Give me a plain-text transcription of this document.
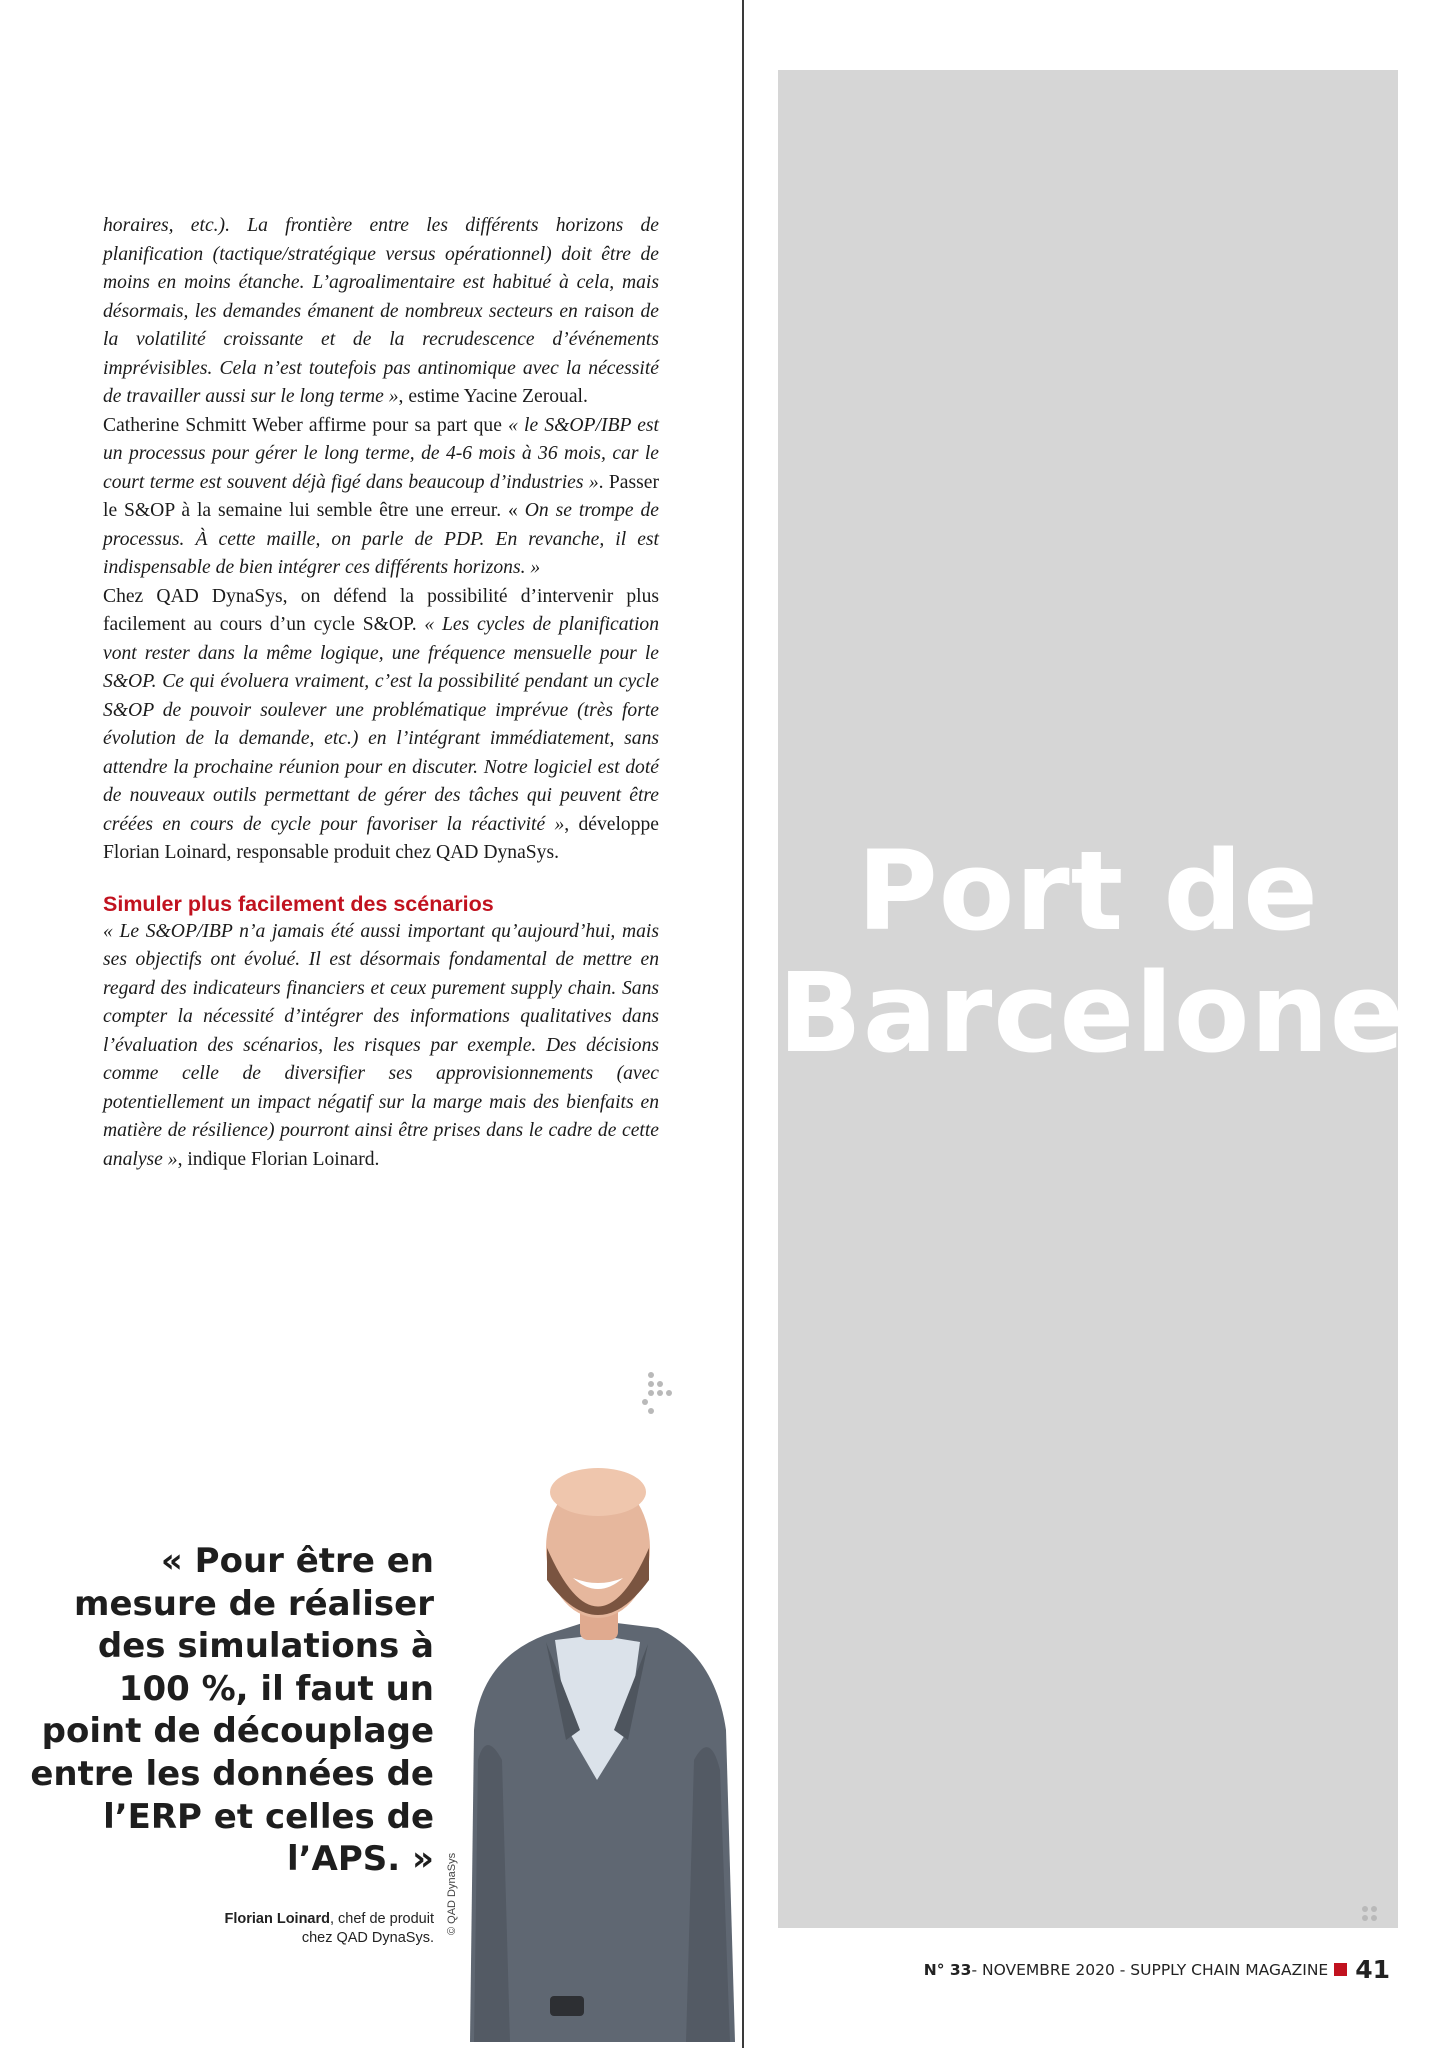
horaires, etc.). La frontière entre les différents horizons de planification (tactique/stratégique versus opérationnel) doit être de moins en moins étanche. L’agroalimentaire est habitué à cela, mais désormais, les demandes émanent de nombreux secteurs en raison de la volatilité croissante et de la recrudescence d’événements imprévisibles. Cela n’est toutefois pas antinomique avec la nécessité de travailler aussi sur le long terme », estime Yacine Zeroual.

Catherine Schmitt Weber affirme pour sa part que « le S&OP/IBP est un processus pour gérer le long terme, de 4-6 mois à 36 mois, car le court terme est souvent déjà figé dans beaucoup d’industries ». Passer le S&OP à la semaine lui semble être une erreur. « On se trompe de processus. À cette maille, on parle de PDP. En revanche, il est indispensable de bien intégrer ces différents horizons. »

Chez QAD DynaSys, on défend la possibilité d’intervenir plus facilement au cours d’un cycle S&OP. « Les cycles de planification vont rester dans la même logique, une fréquence mensuelle pour le S&OP. Ce qui évoluera vraiment, c’est la possibilité pendant un cycle S&OP de pouvoir soulever une problématique imprévue (très forte évolution de la demande, etc.) en l’intégrant immédiatement, sans attendre la prochaine réunion pour en discuter. Notre logiciel est doté de nouveaux outils permettant de gérer des tâches qui peuvent être créées en cours de cycle pour favoriser la réactivité », développe Florian Loinard, responsable produit chez QAD DynaSys.

Simuler plus facilement des scénarios

« Le S&OP/IBP n’a jamais été aussi important qu’aujourd’hui, mais ses objectifs ont évolué. Il est désormais fondamental de mettre en regard des indicateurs financiers et ceux purement supply chain. Sans compter la nécessité d’intégrer des informations qualitatives dans l’évaluation des scénarios, les risques par exemple. Des décisions comme celle de diversifier ses approvisionnements (avec potentiellement un impact négatif sur la marge mais des bienfaits en matière de résilience) pourront ainsi être prises dans le cadre de cette analyse », indique Florian Loinard.

Port de
Barcelone
« Pour être en mesure de réaliser des simulations à 100 %, il faut un point de découplage entre les données de l’ERP et celles de l’APS. »
Florian Loinard, chef de produit
chez QAD DynaSys.
© QAD DynaSys
N° 33 - NOVEMBRE 2020 - SUPPLY CHAIN MAGAZINE 41
